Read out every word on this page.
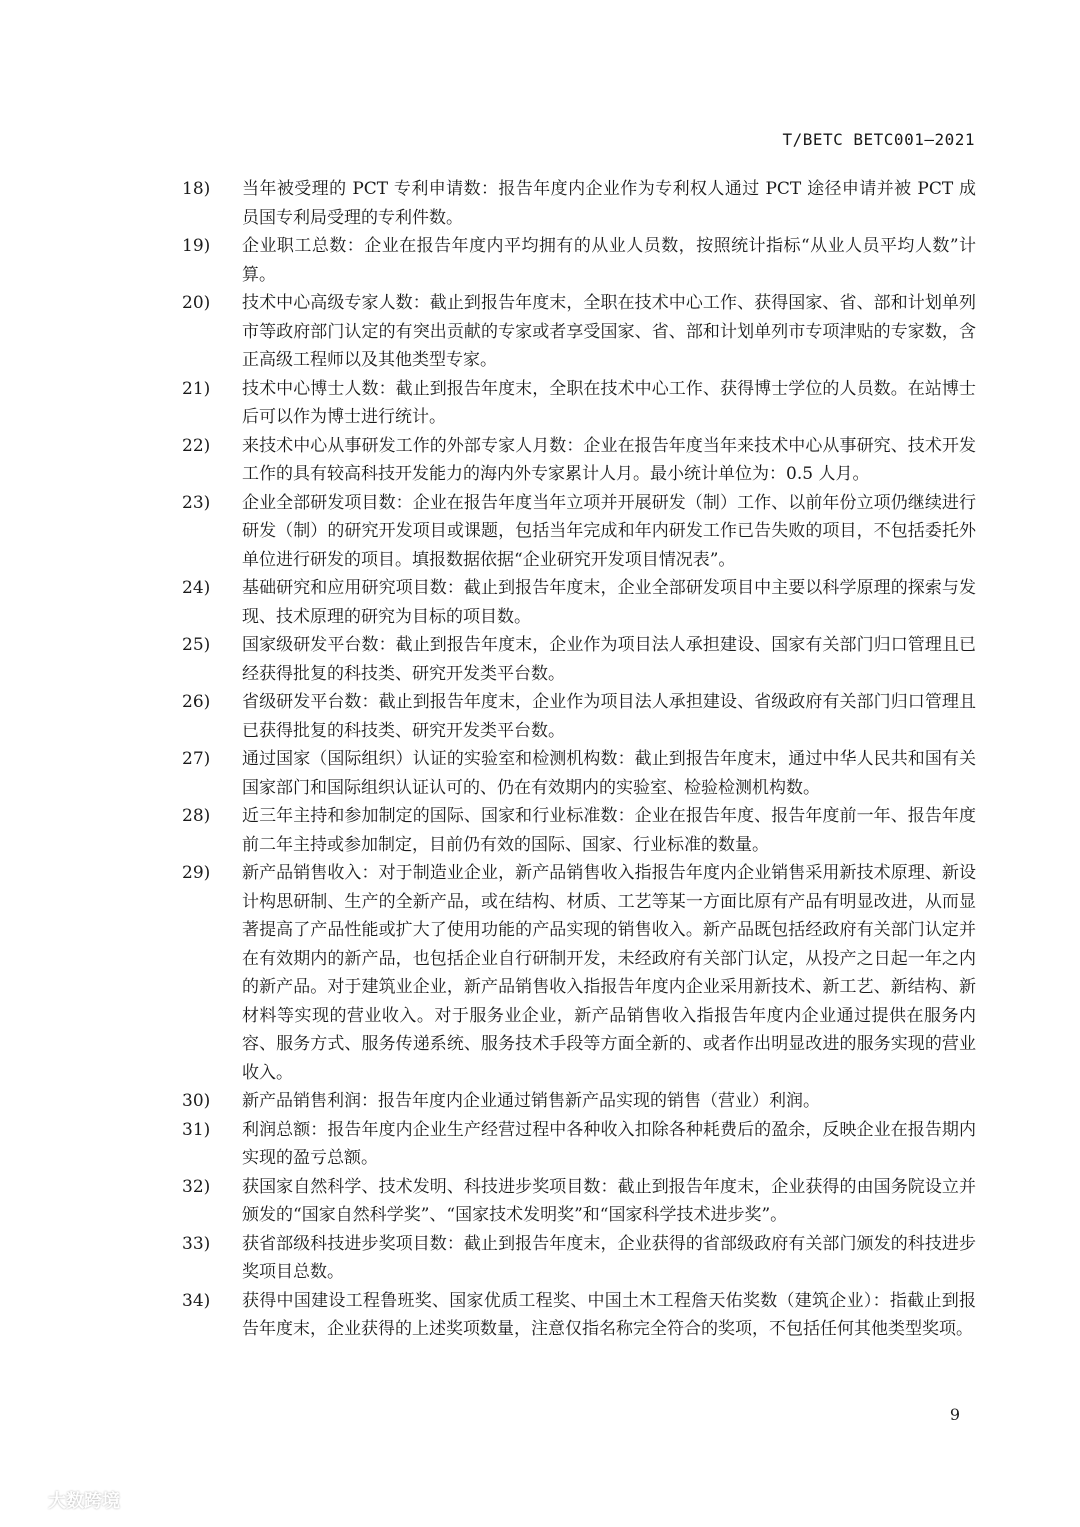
T/BETC BETC001—2021
18) 当年被受理的 PCT 专利申请数：报告年度内企业作为专利权人通过 PCT 途径申请并被 PCT 成员国专利局受理的专利件数。
19) 企业职工总数：企业在报告年度内平均拥有的从业人员数，按照统计指标“从业人员平均人数”计算。
20) 技术中心高级专家人数：截止到报告年度末，全职在技术中心工作、获得国家、省、部和计划单列市等政府部门认定的有突出贡献的专家或者享受国家、省、部和计划单列市专项津贴的专家数，含正高级工程师以及其他类型专家。
21) 技术中心博士人数：截止到报告年度末，全职在技术中心工作、获得博士学位的人员数。在站博士后可以作为博士进行统计。
22) 来技术中心从事研发工作的外部专家人月数：企业在报告年度当年来技术中心从事研究、技术开发工作的具有较高科技开发能力的海内外专家累计人月。最小统计单位为：0.5 人月。
23) 企业全部研发项目数：企业在报告年度当年立项并开展研发（制）工作、以前年份立项仍继续进行研发（制）的研究开发项目或课题，包括当年完成和年内研发工作已告失败的项目，不包括委托外单位进行研发的项目。填报数据依据“企业研究开发项目情况表”。
24) 基础研究和应用研究项目数：截止到报告年度末，企业全部研发项目中主要以科学原理的探索与发现、技术原理的研究为目标的项目数。
25) 国家级研发平台数：截止到报告年度末，企业作为项目法人承担建设、国家有关部门归口管理且已经获得批复的科技类、研究开发类平台数。
26) 省级研发平台数：截止到报告年度末，企业作为项目法人承担建设、省级政府有关部门归口管理且已获得批复的科技类、研究开发类平台数。
27) 通过国家（国际组织）认证的实验室和检测机构数：截止到报告年度末，通过中华人民共和国有关国家部门和国际组织认证认可的、仍在有效期内的实验室、检验检测机构数。
28) 近三年主持和参加制定的国际、国家和行业标准数：企业在报告年度、报告年度前一年、报告年度前二年主持或参加制定，目前仍有效的国际、国家、行业标准的数量。
29) 新产品销售收入：对于制造业企业，新产品销售收入指报告年度内企业销售采用新技术原理、新设计构思研制、生产的全新产品，或在结构、材质、工艺等某一方面比原有产品有明显改进，从而显著提高了产品性能或扩大了使用功能的产品实现的销售收入。新产品既包括经政府有关部门认定并在有效期内的新产品，也包括企业自行研制开发，未经政府有关部门认定，从投产之日起一年之内的新产品。对于建筑业企业，新产品销售收入指报告年度内企业采用新技术、新工艺、新结构、新材料等实现的营业收入。对于服务业企业，新产品销售收入指报告年度内企业通过提供在服务内容、服务方式、服务传递系统、服务技术手段等方面全新的、或者作出明显改进的服务实现的营业收入。
30) 新产品销售利润：报告年度内企业通过销售新产品实现的销售（营业）利润。
31) 利润总额：报告年度内企业生产经营过程中各种收入扣除各种耗费后的盈余，反映企业在报告期内实现的盈亏总额。
32) 获国家自然科学、技术发明、科技进步奖项目数：截止到报告年度末，企业获得的由国务院设立并颁发的“国家自然科学奖”、“国家技术发明奖”和“国家科学技术进步奖”。
33) 获省部级科技进步奖项目数：截止到报告年度末，企业获得的省部级政府有关部门颁发的科技进步奖项目总数。
34) 获得中国建设工程鲁班奖、国家优质工程奖、中国土木工程詹天佑奖数（建筑企业）：指截止到报告年度末，企业获得的上述奖项数量，注意仅指名称完全符合的奖项，不包括任何其他类型奖项。
9
大数跨境
